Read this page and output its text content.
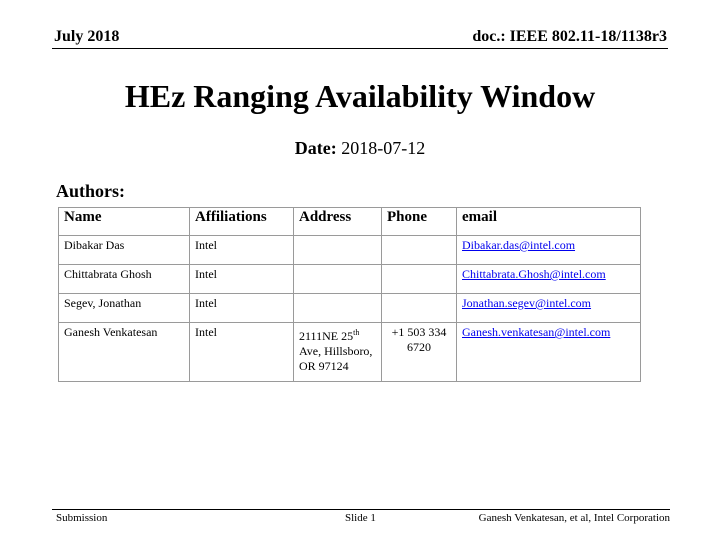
July 2018	doc.: IEEE 802.11-18/1138r3
HEz Ranging Availability Window
Date: 2018-07-12
Authors:
Name	Affiliations	Address	Phone	email
Dibakar Das	Intel			Dibakar.das@intel.com
Chittabrata Ghosh	Intel			Chittabrata.Ghosh@intel.com
Segev, Jonathan	Intel			Jonathan.segev@intel.com
Ganesh Venkatesan	Intel	2111NE 25th Ave, Hillsboro, OR 97124	+1 503 334 6720	Ganesh.venkatesan@intel.com
Submission	Slide 1	Ganesh Venkatesan, et al, Intel Corporation
